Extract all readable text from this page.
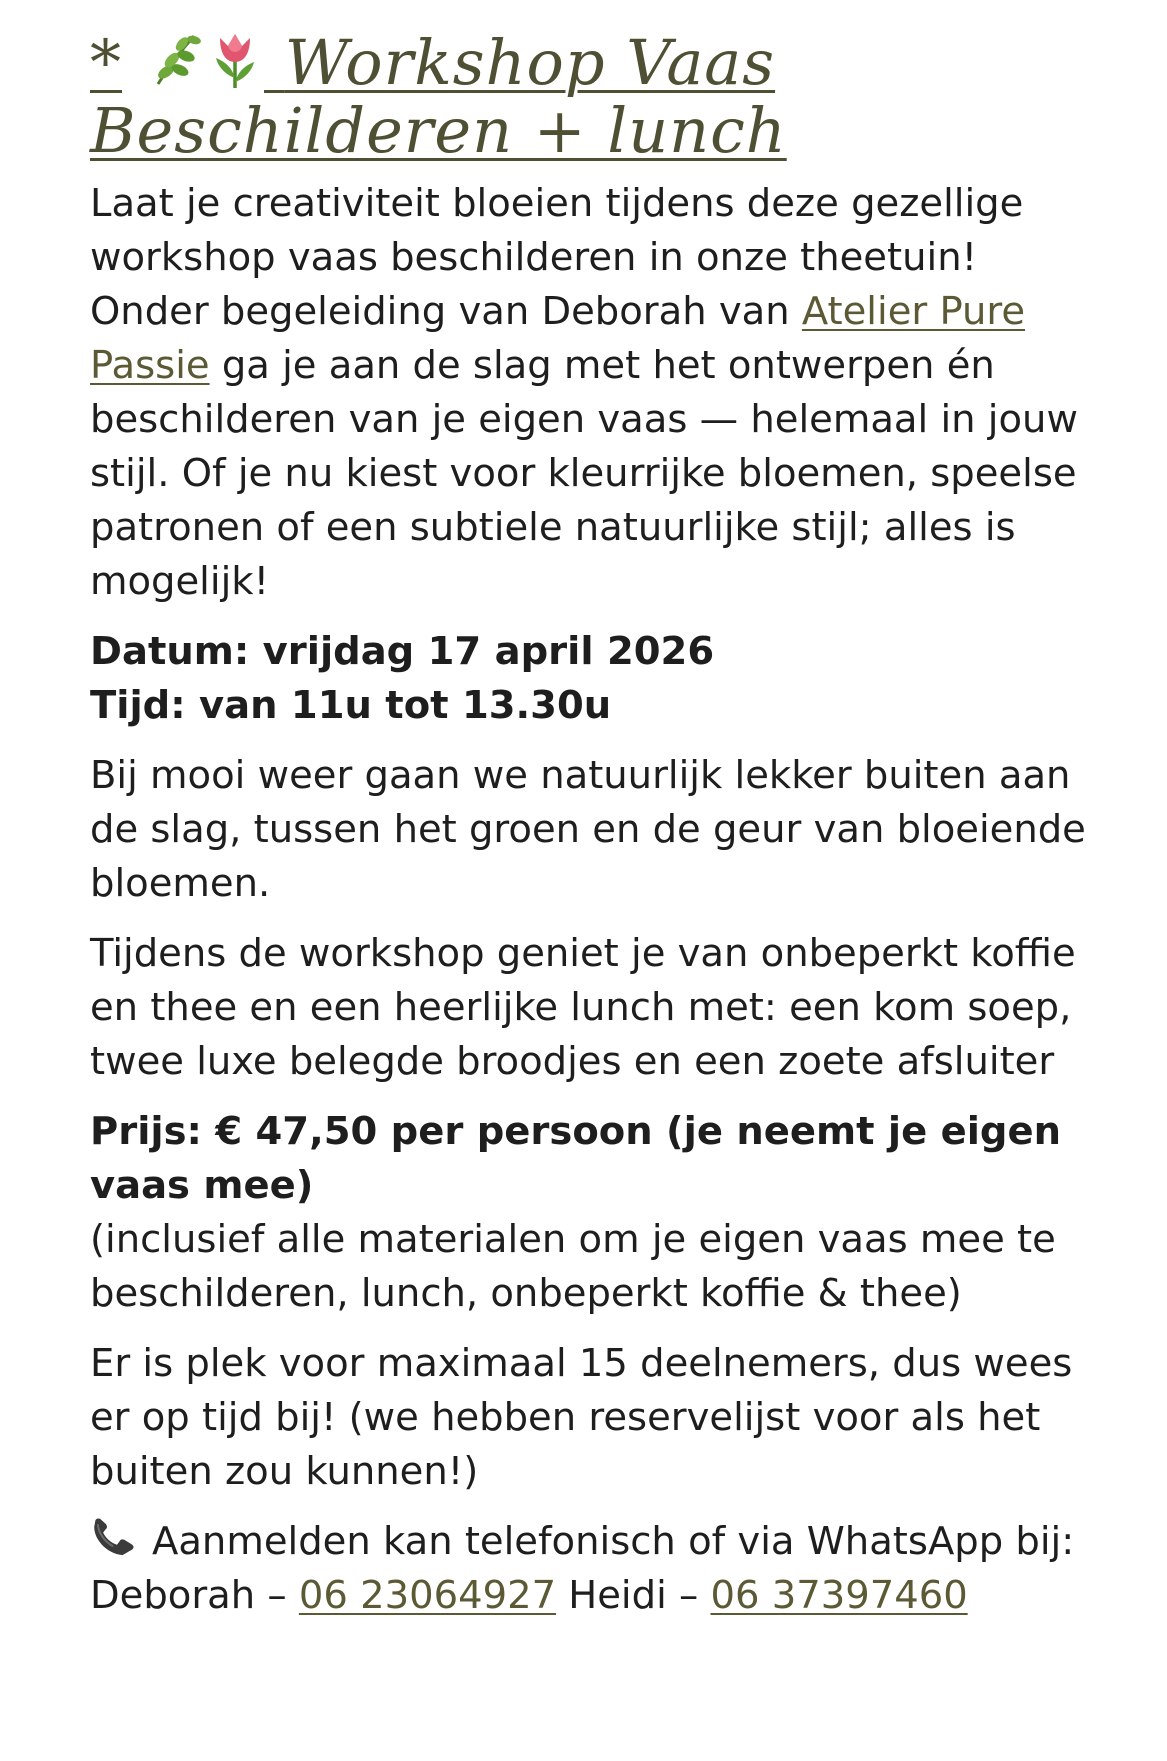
*	Workshop Vaas Beschilderen + lunch

Laat je creativiteit bloeien tijdens deze gezellige workshop vaas beschilderen in onze theetuin! Onder begeleiding van Deborah van Atelier Pure Passie ga je aan de slag met het ontwerpen én beschilderen van je eigen vaas — helemaal in jouw stijl. Of je nu kiest voor kleurrijke bloemen, speelse patronen of een subtiele natuurlijke stijl; alles is mogelijk!

Datum: vrijdag 17 april 2026
Tijd: van 11u tot 13.30u

Bij mooi weer gaan we natuurlijk lekker buiten aan de slag, tussen het groen en de geur van bloeiende bloemen.

Tijdens de workshop geniet je van onbeperkt koffie en thee en een heerlijke lunch met: een kom soep, twee luxe belegde broodjes en een zoete afsluiter

Prijs: € 47,50 per persoon (je neemt je eigen vaas mee)
(inclusief alle materialen om je eigen vaas mee te beschilderen, lunch, onbeperkt koffie & thee)

Er is plek voor maximaal 15 deelnemers, dus wees er op tijd bij! (we hebben reservelijst voor als het buiten zou kunnen!)

Aanmelden kan telefonisch of via WhatsApp bij: Deborah – 06 23064927 Heidi – 06 37397460
